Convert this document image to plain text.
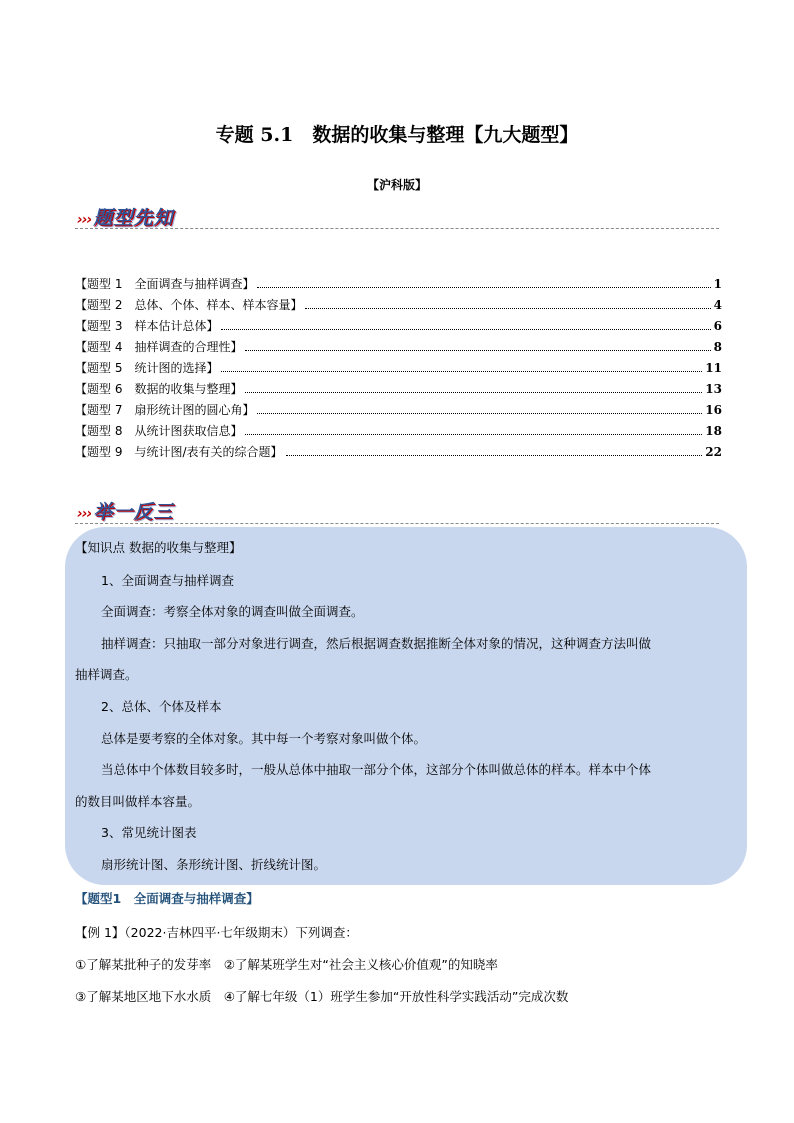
专题 5.1　数据的收集与整理【九大题型】
【沪科版】
››› 题型先知
【题型 1　全面调查与抽样调查】	1
【题型 2　总体、个体、样本、样本容量】	4
【题型 3　样本估计总体】	6
【题型 4　抽样调查的合理性】	8
【题型 5　统计图的选择】	11
【题型 6　数据的收集与整理】	13
【题型 7　扇形统计图的圆心角】	16
【题型 8　从统计图获取信息】	18
【题型 9　与统计图/表有关的综合题】	22
››› 举一反三
【知识点 数据的收集与整理】
1、全面调查与抽样调查
全面调查：考察全体对象的调查叫做全面调查。
抽样调查：只抽取一部分对象进行调查，然后根据调查数据推断全体对象的情况，这种调查方法叫做
抽样调查。
2、总体、个体及样本
总体是要考察的全体对象。其中每一个考察对象叫做个体。
当总体中个体数目较多时，一般从总体中抽取一部分个体，这部分个体叫做总体的样本。样本中个体
的数目叫做样本容量。
3、常见统计图表
扇形统计图、条形统计图、折线统计图。
【题型1　全面调查与抽样调查】
【例 1】（2022·吉林四平·七年级期末）下列调查：
①了解某批种子的发芽率　②了解某班学生对“社会主义核心价值观”的知晓率
③了解某地区地下水水质　④了解七年级（1）班学生参加“开放性科学实践活动”完成次数
